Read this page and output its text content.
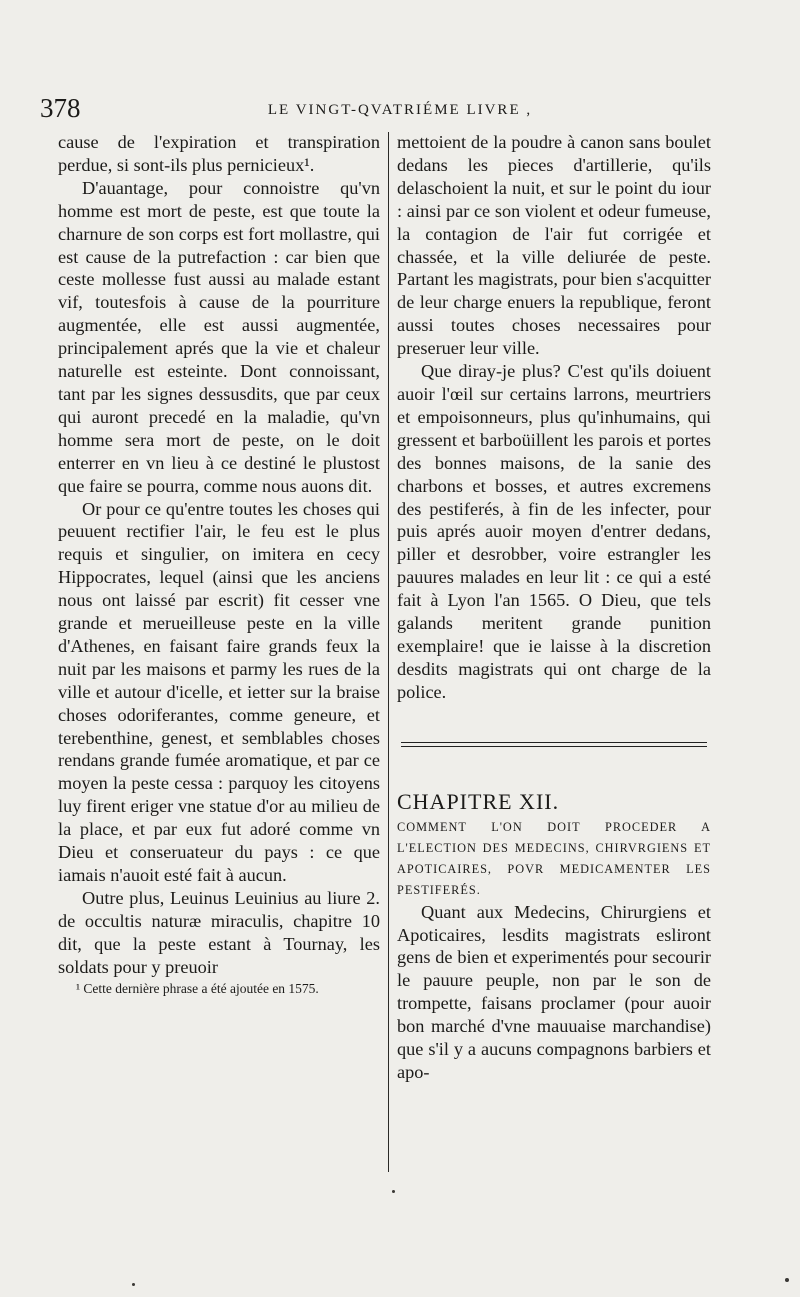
378	LE VINGT-QVATRIÉME LIVRE ,

cause de l'expiration et transpiration perdue, si sont-ils plus pernicieux¹.

D'auantage, pour connoistre qu'vn homme est mort de peste, est que toute la charnure de son corps est fort mollastre, qui est cause de la putrefaction : car bien que ceste mollesse fust aussi au malade estant vif, toutesfois à cause de la pourriture augmentée, elle est aussi augmentée, principalement aprés que la vie et chaleur naturelle est esteinte. Dont connoissant, tant par les signes dessusdits, que par ceux qui auront precedé en la maladie, qu'vn homme sera mort de peste, on le doit enterrer en vn lieu à ce destiné le plustost que faire se pourra, comme nous auons dit.

Or pour ce qu'entre toutes les choses qui peuuent rectifier l'air, le feu est le plus requis et singulier, on imitera en cecy Hippocrates, lequel (ainsi que les anciens nous ont laissé par escrit) fit cesser vne grande et merueilleuse peste en la ville d'Athenes, en faisant faire grands feux la nuit par les maisons et parmy les rues de la ville et autour d'icelle, et ietter sur la braise choses odoriferantes, comme geneure, et terebenthine, genest, et semblables choses rendans grande fumée aromatique, et par ce moyen la peste cessa : parquoy les citoyens luy firent eriger vne statue d'or au milieu de la place, et par eux fut adoré comme vn Dieu et conseruateur du pays : ce que iamais n'auoit esté fait à aucun.

Outre plus, Leuinus Leuinius au liure 2. de occultis naturæ miraculis, chapitre 10 dit, que la peste estant à Tournay, les soldats pour y preuoir

¹ Cette dernière phrase a été ajoutée en 1575.

mettoient de la poudre à canon sans boulet dedans les pieces d'artillerie, qu'ils delaschoient la nuit, et sur le point du iour : ainsi par ce son violent et odeur fumeuse, la contagion de l'air fut corrigée et chassée, et la ville deliurée de peste. Partant les magistrats, pour bien s'acquitter de leur charge enuers la republique, feront aussi toutes choses necessaires pour preseruer leur ville.

Que diray-je plus? C'est qu'ils doiuent auoir l'œil sur certains larrons, meurtriers et empoisonneurs, plus qu'inhumains, qui gressent et barboüillent les parois et portes des bonnes maisons, de la sanie des charbons et bosses, et autres excremens des pestiferés, à fin de les infecter, pour puis aprés auoir moyen d'entrer dedans, piller et desrobber, voire estrangler les pauures malades en leur lit : ce qui a esté fait à Lyon l'an 1565. O Dieu, que tels galands meritent grande punition exemplaire! que ie laisse à la discretion desdits magistrats qui ont charge de la police.

CHAPITRE XII.

COMMENT L'ON DOIT PROCEDER A L'ELECTION DES MEDECINS, CHIRVRGIENS ET APOTICAIRES, POVR MEDICAMENTER LES PESTIFERÉS.

Quant aux Medecins, Chirurgiens et Apoticaires, lesdits magistrats esliront gens de bien et experimentés pour secourir le pauure peuple, non par le son de trompette, faisans proclamer (pour auoir bon marché d'vne mauuaise marchandise) que s'il y a aucuns compagnons barbiers et apo-
